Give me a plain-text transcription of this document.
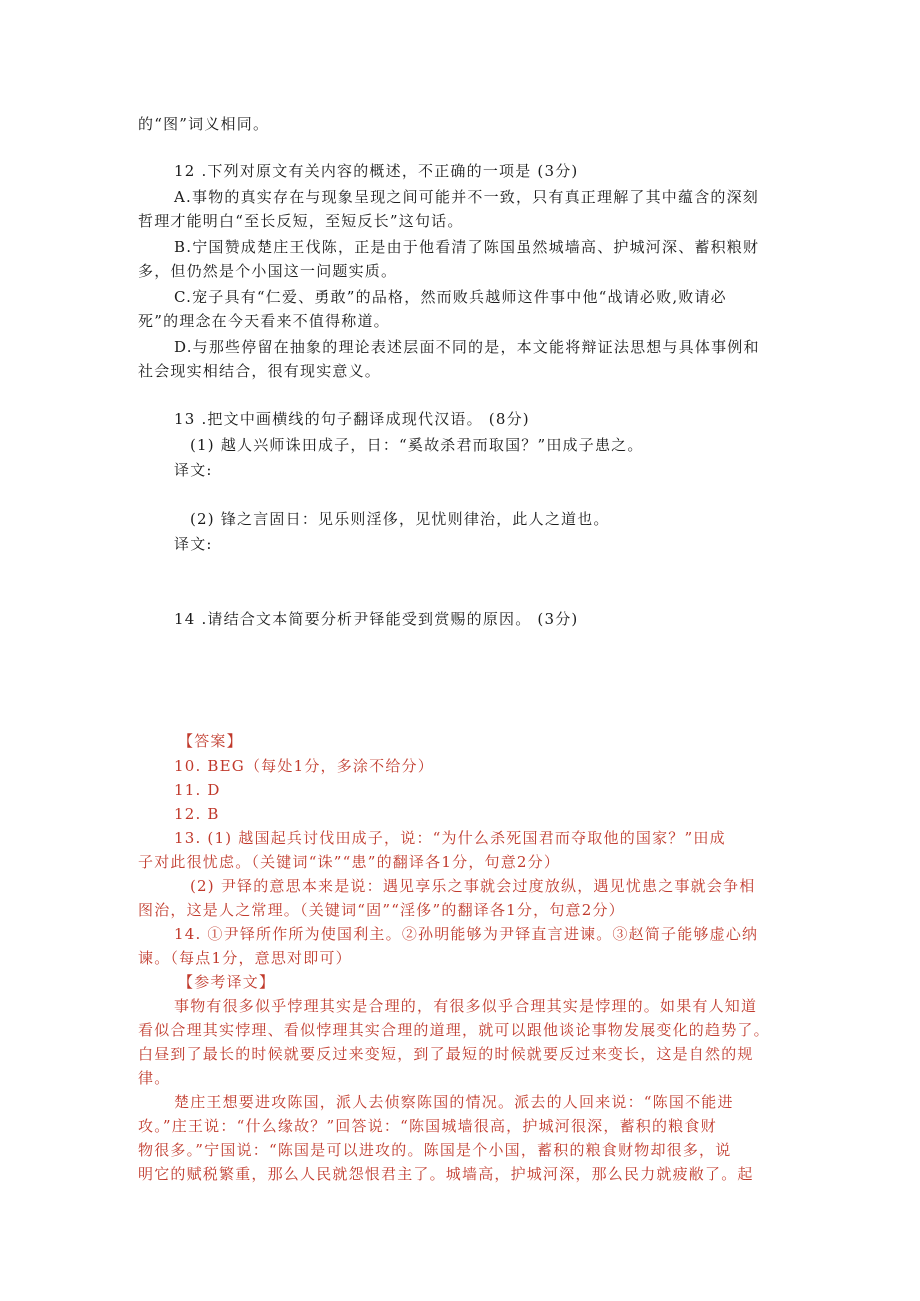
的“图”词义相同。
12 .下列对原文有关内容的概述，不正确的一项是 (3分)
A.事物的真实存在与现象呈现之间可能并不一致，只有真正理解了其中蕴含的深刻
哲理才能明白“至长反短，至短反长”这句话。
B.宁国赞成楚庄王伐陈，正是由于他看清了陈国虽然城墙高、护城河深、蓄积粮财
多，但仍然是个小国这一问题实质。
C.宠子具有“仁爱、勇敢”的品格，然而败兵越师这件事中他“战请必败,败请必
死”的理念在今天看来不值得称道。
D.与那些停留在抽象的理论表述层面不同的是，本文能将辩证法思想与具体事例和
社会现实相结合，很有现实意义。
13 .把文中画横线的句子翻译成现代汉语。 (8分)
(1) 越人兴师诛田成子，日：“奚故杀君而取国？”田成子患之。
译文:
(2) 锋之言固日：见乐则淫侈，见忧则律治，此人之道也。
译文:
14 .请结合文本简要分析尹铎能受到赏赐的原因。 (3分)
【答案】
10. BEG（每处1分，多涂不给分）
11. D
12. B
13. (1) 越国起兵讨伐田成子，说：“为什么杀死国君而夺取他的国家？”田成
子对此很忧虑。（关键词“诛”“患”的翻译各1分，句意2分）
(2) 尹铎的意思本来是说：遇见享乐之事就会过度放纵，遇见忧患之事就会争相
图治，这是人之常理。（关键词“固”“淫侈”的翻译各1分，句意2分）
14. ①尹铎所作所为使国利主。②孙明能够为尹铎直言进谏。③赵简子能够虚心纳
谏。（每点1分，意思对即可）
【参考译文】
事物有很多似乎悖理其实是合理的，有很多似乎合理其实是悖理的。如果有人知道
看似合理其实悖理、看似悖理其实合理的道理，就可以跟他谈论事物发展变化的趋势了。
白昼到了最长的时候就要反过来变短，到了最短的时候就要反过来变长，这是自然的规
律。
楚庄王想要进攻陈国，派人去侦察陈国的情况。派去的人回来说：“陈国不能进
攻。”庄王说：“什么缘故？”回答说：“陈国城墙很高，护城河很深，蓄积的粮食财
物很多。”宁国说：“陈国是可以进攻的。陈国是个小国，蓄积的粮食财物却很多，说
明它的赋税繁重，那么人民就怨恨君主了。城墙高，护城河深，那么民力就疲敝了。起
